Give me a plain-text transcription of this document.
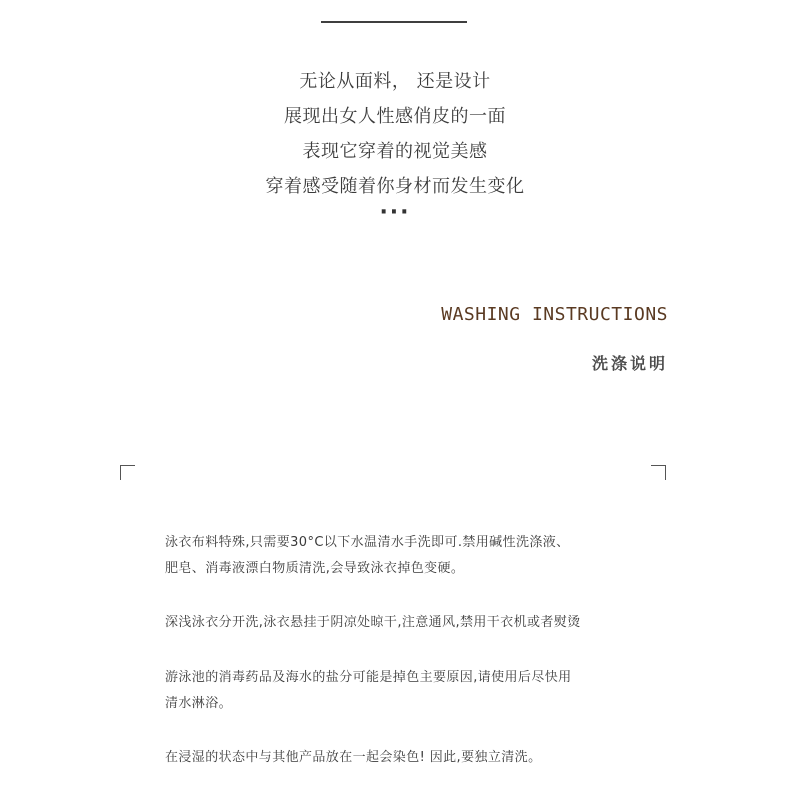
无论从面料， 还是设计
展现出女人性感俏皮的一面
表现它穿着的视觉美感
穿着感受随着你身材而发生变化
···
WASHING INSTRUCTIONS
洗涤说明
泳衣布料特殊,只需要30°C以下水温清水手洗即可.禁用碱性洗涤液、
肥皂、消毒液漂白物质清洗,会导致泳衣掉色变硬。
深浅泳衣分开洗,泳衣悬挂于阴凉处晾干,注意通风,禁用干衣机或者熨烫
游泳池的消毒药品及海水的盐分可能是掉色主要原因,请使用后尽快用
清水淋浴。
在浸湿的状态中与其他产品放在一起会染色! 因此,要独立清洗。
